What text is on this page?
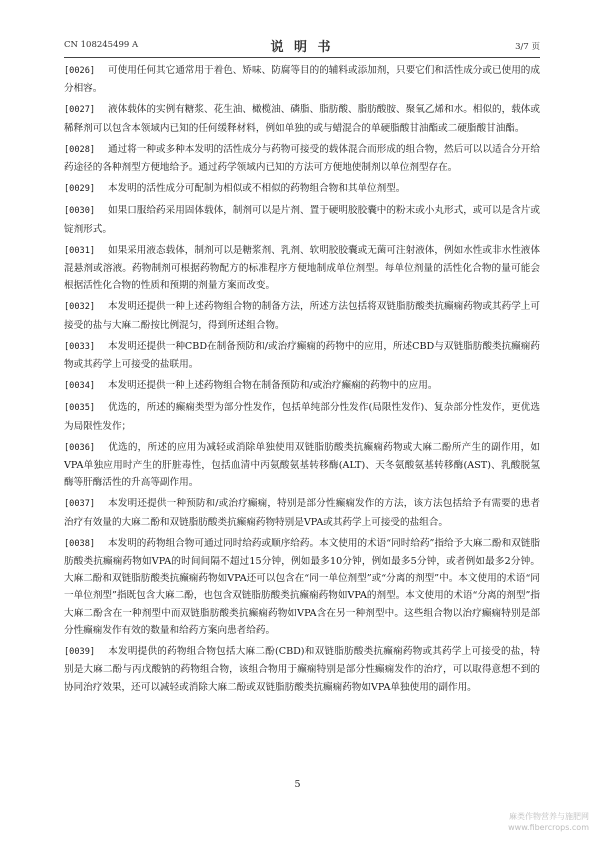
CN 108245499 A	说 明 书	3/7 页

[0026] 可使用任何其它通常用于着色、矫味、防腐等目的的辅料或添加剂，只要它们和活性成分或已使用的成分相容。

[0027] 液体载体的实例有糖浆、花生油、橄榄油、磷脂、脂肪酸、脂肪酸胺、聚氧乙烯和水。相似的，载体或稀释剂可以包含本领域内已知的任何缓释材料，例如单独的或与蜡混合的单硬脂酸甘油酯或二硬脂酸甘油酯。

[0028] 通过将一种或多种本发明的活性成分与药物可接受的载体混合而形成的组合物，然后可以以适合分开给药途径的各种剂型方便地给予。通过药学领域内已知的方法可方便地使制剂以单位剂型存在。

[0029] 本发明的活性成分可配制为相似或不相似的药物组合物和其单位剂型。

[0030] 如果口服给药采用固体载体，制剂可以是片剂、置于硬明胶胶囊中的粉末或小丸形式，或可以是含片或锭剂形式。

[0031] 如果采用液态载体，制剂可以是糖浆剂、乳剂、软明胶胶囊或无菌可注射液体，例如水性或非水性液体混悬剂或溶液。药物制剂可根据药物配方的标准程序方便地制成单位剂型。每单位剂量的活性化合物的量可能会根据活性化合物的性质和预期的剂量方案而改变。

[0032] 本发明还提供一种上述药物组合物的制备方法，所述方法包括将双链脂肪酸类抗癫痫药物或其药学上可接受的盐与大麻二酚按比例混匀，得到所述组合物。

[0033] 本发明还提供一种CBD在制备预防和/或治疗癫痫的药物中的应用，所述CBD与双链脂肪酸类抗癫痫药物或其药学上可接受的盐联用。

[0034] 本发明还提供一种上述药物组合物在制备预防和/或治疗癫痫的药物中的应用。

[0035] 优选的，所述的癫痫类型为部分性发作，包括单纯部分性发作(局限性发作)、复杂部分性发作，更优选为局限性发作；

[0036] 优选的，所述的应用为减轻或消除单独使用双链脂肪酸类抗癫痫药物或大麻二酚所产生的副作用，如VPA单独应用时产生的肝脏毒性，包括血清中丙氨酸氨基转移酶(ALT)、天冬氨酸氨基转移酶(AST)、乳酸脱氢酶等肝酶活性的升高等副作用。

[0037] 本发明还提供一种预防和/或治疗癫痫，特别是部分性癫痫发作的方法，该方法包括给予有需要的患者治疗有效量的大麻二酚和双链脂肪酸类抗癫痫药物特别是VPA或其药学上可接受的盐组合。

[0038] 本发明的药物组合物可通过同时给药或顺序给药。本文使用的术语“同时给药”指给予大麻二酚和双链脂肪酸类抗癫痫药物如VPA的时间间隔不超过15分钟，例如最多10分钟，例如最多5分钟，或者例如最多2分钟。大麻二酚和双链脂肪酸类抗癫痫药物如VPA还可以包含在“同一单位剂型”或“分离的剂型”中。本文使用的术语“同一单位剂型”指既包含大麻二酚，也包含双链脂肪酸类抗癫痫药物如VPA的剂型。本文使用的术语“分离的剂型”指大麻二酚含在一种剂型中而双链脂肪酸类抗癫痫药物如VPA含在另一种剂型中。这些组合物以治疗癫痫特别是部分性癫痫发作有效的数量和给药方案向患者给药。

[0039] 本发明提供的药物组合物包括大麻二酚(CBD)和双链脂肪酸类抗癫痫药物或其药学上可接受的盐，特别是大麻二酚与丙戊酸钠的药物组合物，该组合物用于癫痫特别是部分性癫痫发作的治疗，可以取得意想不到的协同治疗效果，还可以减轻或消除大麻二酚或双链脂肪酸类抗癫痫药物如VPA单独使用的副作用。

5
麻类作物营养与施肥网
www.fibercrops.com
